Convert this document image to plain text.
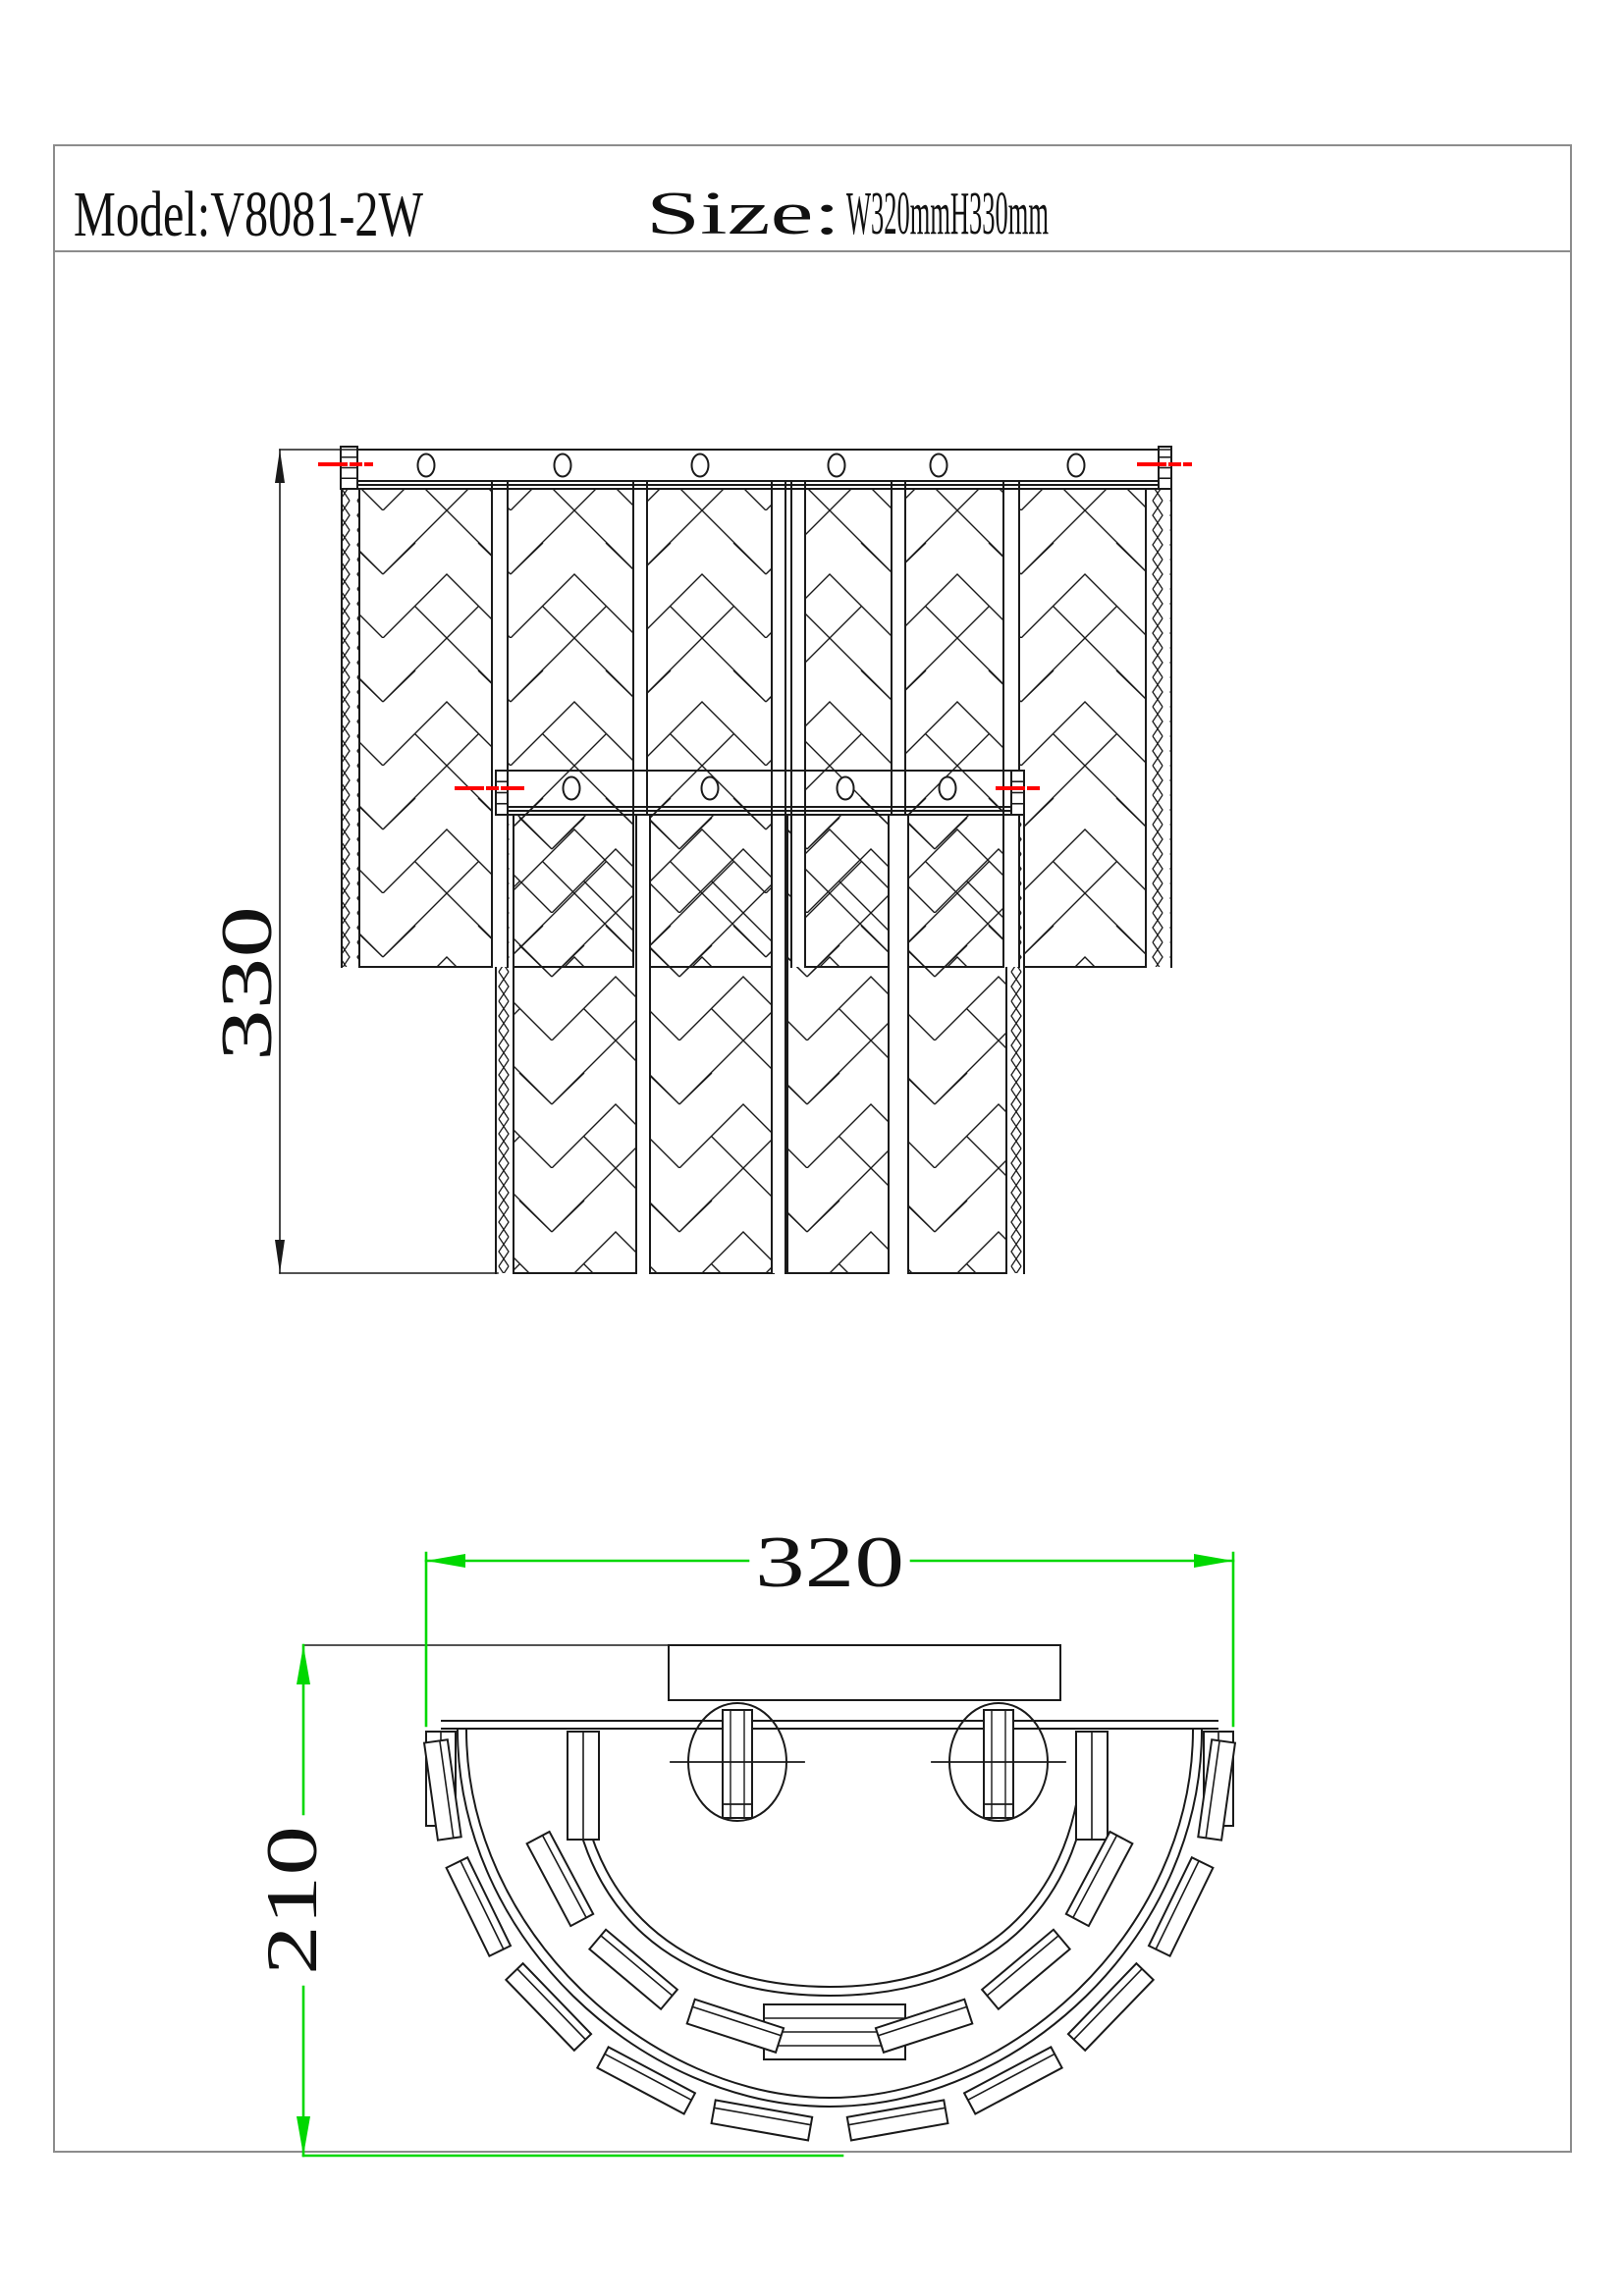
Model:V8081-2W	Size: W320mmH330mm
330
320
210
